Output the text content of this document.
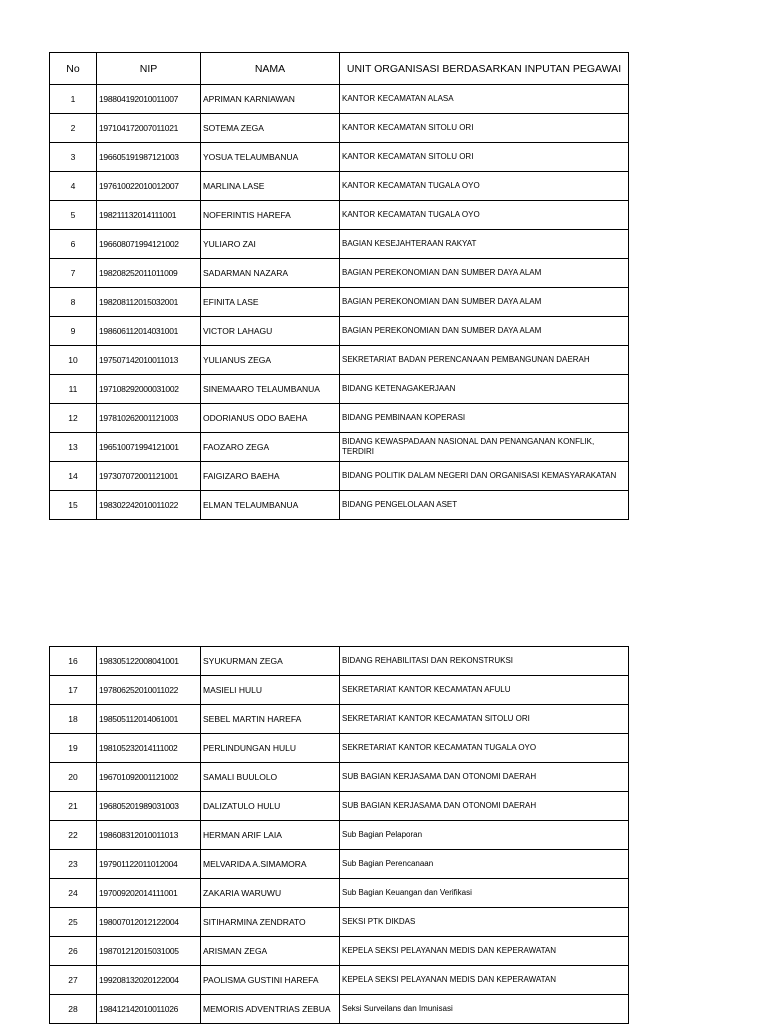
No	NIP	NAMA	UNIT ORGANISASI BERDASARKAN INPUTAN PEGAWAI
1	198804192010011007	APRIMAN KARNIAWAN	KANTOR KECAMATAN ALASA
2	197104172007011021	SOTEMA ZEGA	KANTOR KECAMATAN SITOLU ORI
3	196605191987121003	YOSUA TELAUMBANUA	KANTOR KECAMATAN SITOLU ORI
4	197610022010012007	MARLINA LASE	KANTOR KECAMATAN TUGALA OYO
5	198211132014111001	NOFERINTIS HAREFA	KANTOR KECAMATAN TUGALA OYO
6	196608071994121002	YULIARO ZAI	BAGIAN KESEJAHTERAAN RAKYAT
7	198208252011011009	SADARMAN NAZARA	BAGIAN PEREKONOMIAN DAN SUMBER DAYA ALAM
8	198208112015032001	EFINITA LASE	BAGIAN PEREKONOMIAN DAN SUMBER DAYA ALAM
9	198606112014031001	VICTOR LAHAGU	BAGIAN PEREKONOMIAN DAN SUMBER DAYA ALAM
10	197507142010011013	YULIANUS ZEGA	SEKRETARIAT BADAN PERENCANAAN PEMBANGUNAN DAERAH
11	197108292000031002	SINEMAARO TELAUMBANUA	BIDANG KETENAGAKERJAAN
12	197810262001121003	ODORIANUS ODO BAEHA	BIDANG PEMBINAAN KOPERASI
13	196510071994121001	FAOZARO ZEGA	BIDANG KEWASPADAAN NASIONAL DAN PENANGANAN KONFLIK, TERDIRI
14	197307072001121001	FAIGIZARO BAEHA	BIDANG POLITIK DALAM NEGERI DAN ORGANISASI KEMASYARAKATAN
15	198302242010011022	ELMAN TELAUMBANUA	BIDANG PENGELOLAAN ASET
16	198305122008041001	SYUKURMAN ZEGA	BIDANG REHABILITASI DAN REKONSTRUKSI
17	197806252010011022	MASIELI HULU	SEKRETARIAT KANTOR KECAMATAN AFULU
18	198505112014061001	SEBEL MARTIN HAREFA	SEKRETARIAT KANTOR KECAMATAN SITOLU ORI
19	198105232014111002	PERLINDUNGAN HULU	SEKRETARIAT KANTOR KECAMATAN TUGALA OYO
20	196701092001121002	SAMALI BUULOLO	SUB BAGIAN KERJASAMA DAN OTONOMI DAERAH
21	196805201989031003	DALIZATULO HULU	SUB BAGIAN KERJASAMA DAN OTONOMI DAERAH
22	198608312010011013	HERMAN ARIF LAIA	Sub Bagian Pelaporan
23	197901122011012004	MELVARIDA A.SIMAMORA	Sub Bagian Perencanaan
24	197009202014111001	ZAKARIA WARUWU	Sub Bagian Keuangan dan Verifikasi
25	198007012012122004	SITIHARMINA ZENDRATO	SEKSI PTK DIKDAS
26	198701212015031005	ARISMAN ZEGA	KEPELA SEKSI PELAYANAN MEDIS DAN KEPERAWATAN
27	199208132020122004	PAOLISMA GUSTINI HAREFA	KEPELA SEKSI PELAYANAN MEDIS DAN KEPERAWATAN
28	198412142010011026	MEMORIS ADVENTRIAS ZEBUA	Seksi Surveilans dan Imunisasi
